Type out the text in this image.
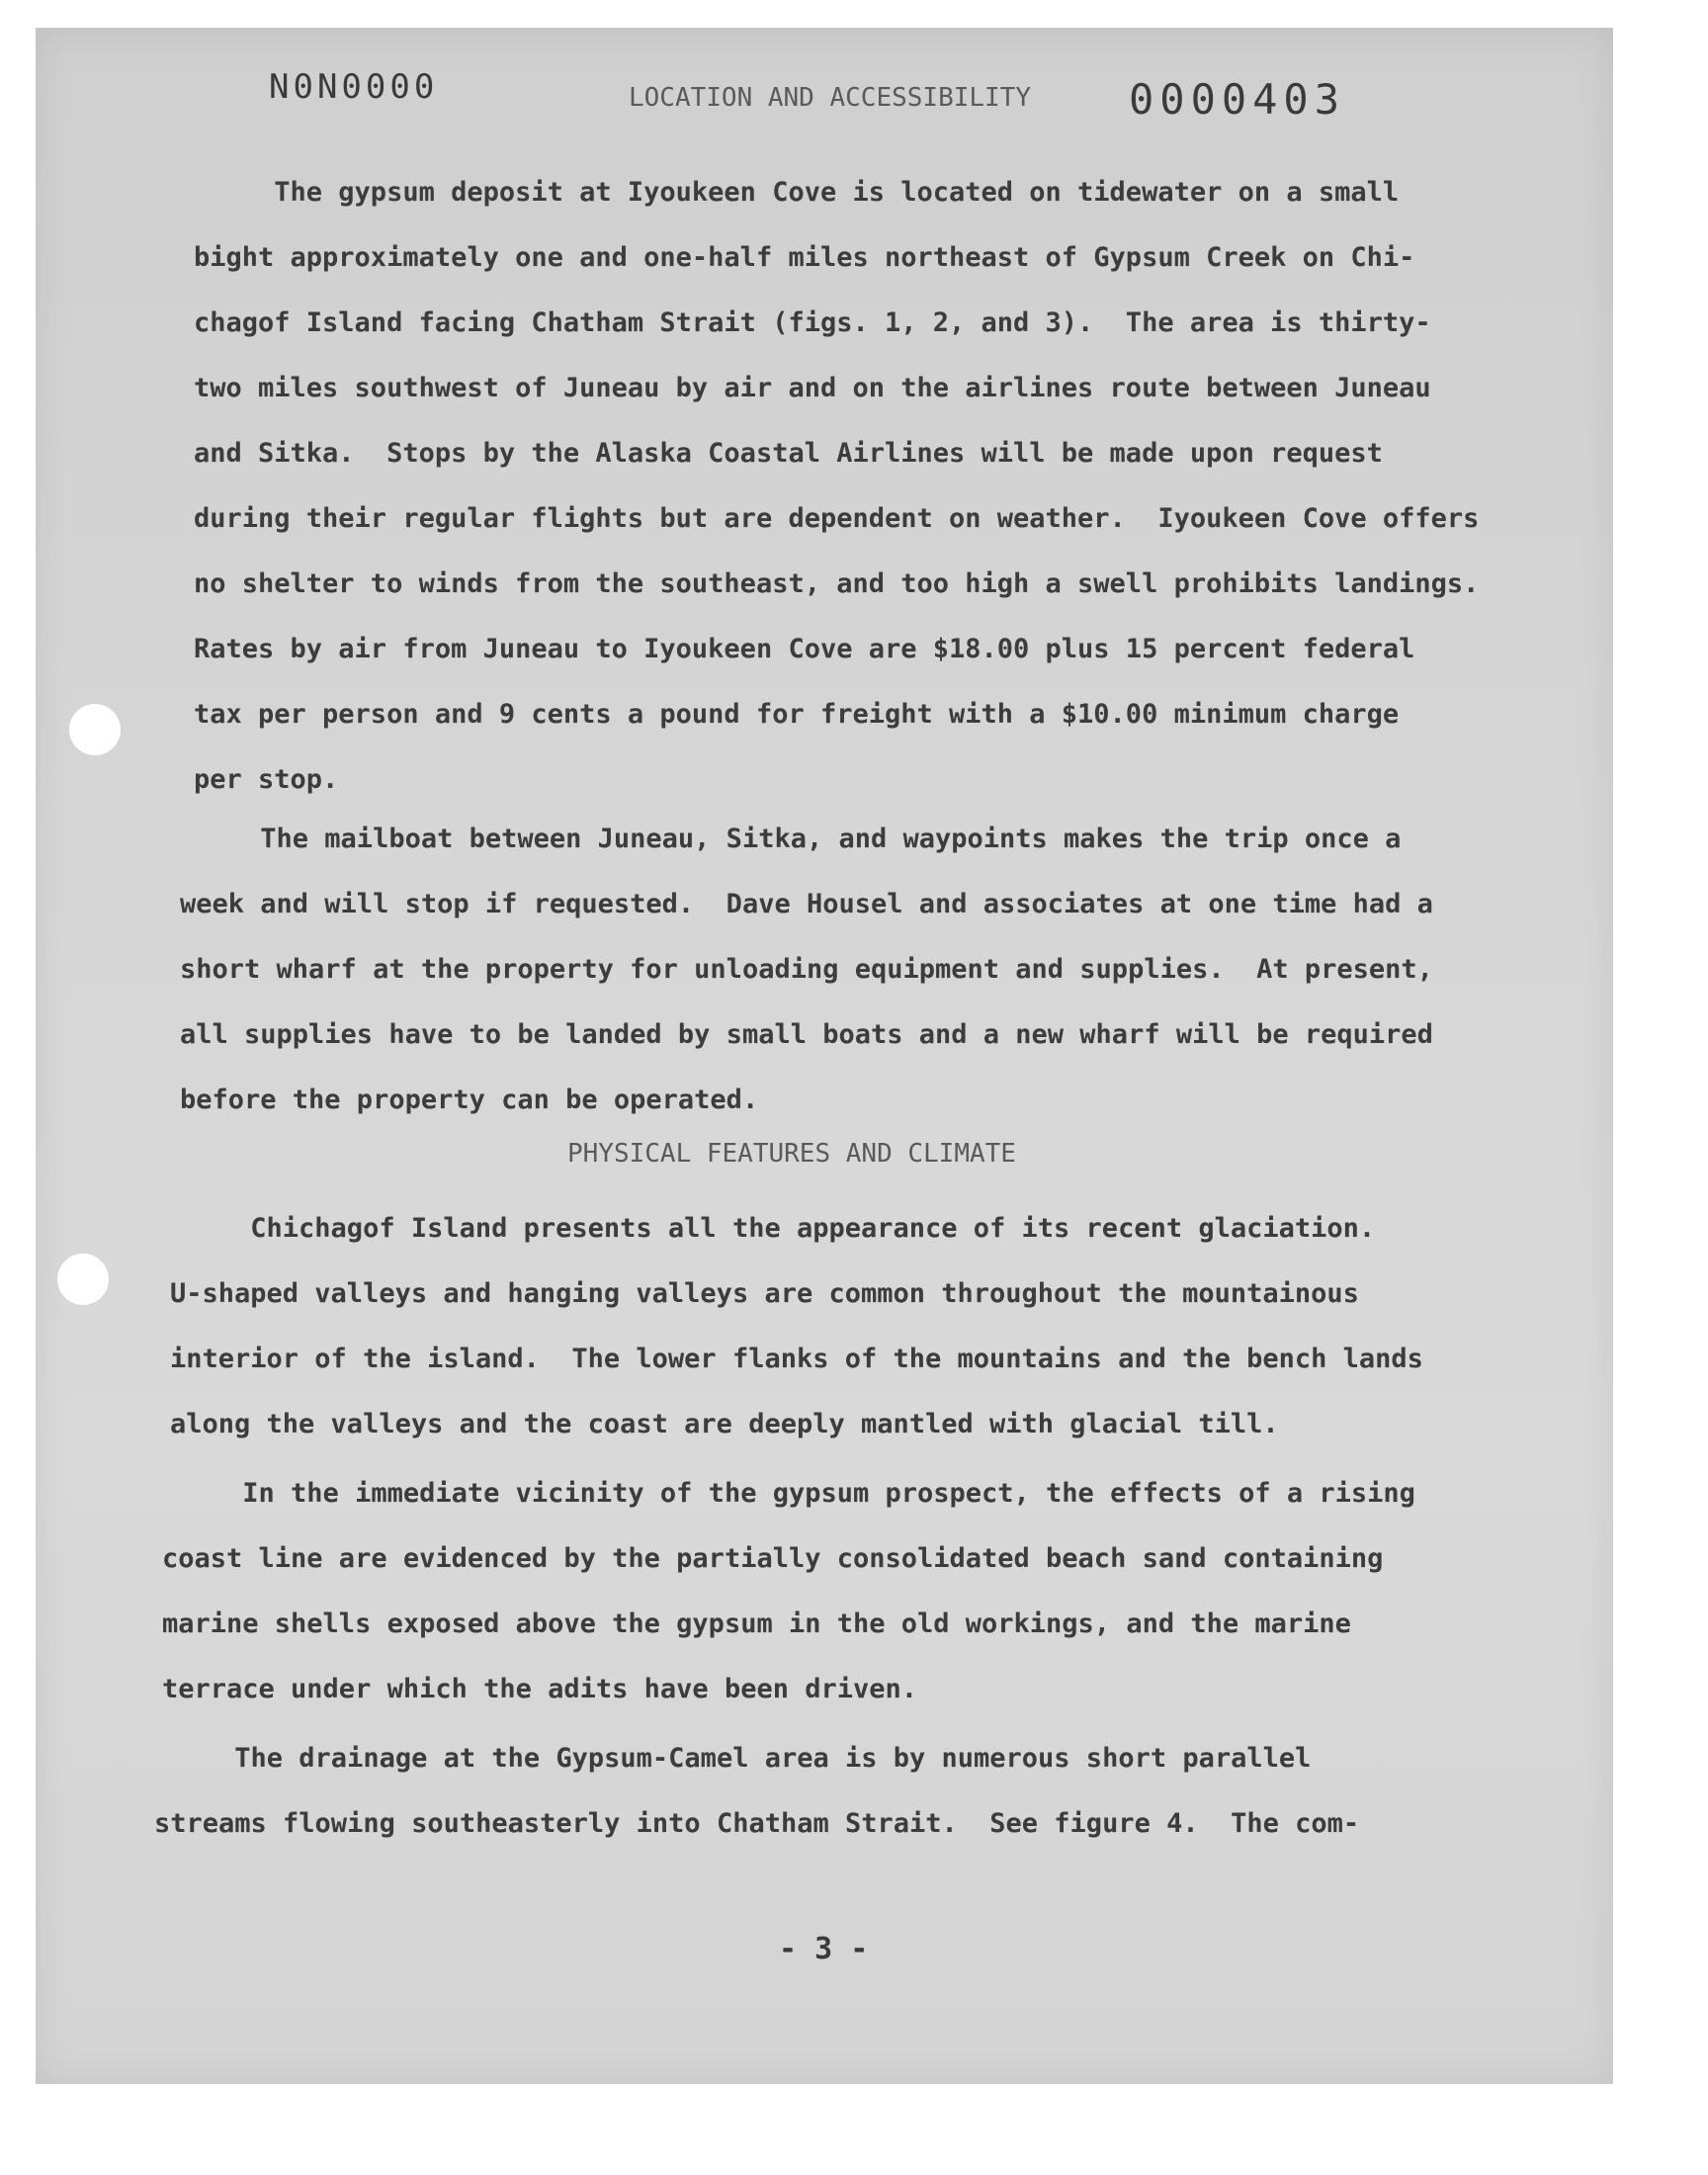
N0N0000	LOCATION AND ACCESSIBILITY 0000403
The gypsum deposit at Iyoukeen Cove is located on tidewater on a small
bight approximately one and one-half miles northeast of Gypsum Creek on Chi-
chagof Island facing Chatham Strait (figs. 1, 2, and 3).  The area is thirty-
two miles southwest of Juneau by air and on the airlines route between Juneau
and Sitka.  Stops by the Alaska Coastal Airlines will be made upon request
during their regular flights but are dependent on weather.  Iyoukeen Cove offers
no shelter to winds from the southeast, and too high a swell prohibits landings.
Rates by air from Juneau to Iyoukeen Cove are $18.00 plus 15 percent federal
tax per person and 9 cents a pound for freight with a $10.00 minimum charge
per stop.
The mailboat between Juneau, Sitka, and waypoints makes the trip once a
week and will stop if requested.  Dave Housel and associates at one time had a
short wharf at the property for unloading equipment and supplies.  At present,
all supplies have to be landed by small boats and a new wharf will be required
before the property can be operated.
PHYSICAL FEATURES AND CLIMATE
Chichagof Island presents all the appearance of its recent glaciation.
U-shaped valleys and hanging valleys are common throughout the mountainous
interior of the island.  The lower flanks of the mountains and the bench lands
along the valleys and the coast are deeply mantled with glacial till.
In the immediate vicinity of the gypsum prospect, the effects of a rising
coast line are evidenced by the partially consolidated beach sand containing
marine shells exposed above the gypsum in the old workings, and the marine
terrace under which the adits have been driven.
The drainage at the Gypsum-Camel area is by numerous short parallel
streams flowing southeasterly into Chatham Strait.  See figure 4.  The com-
- 3 -
